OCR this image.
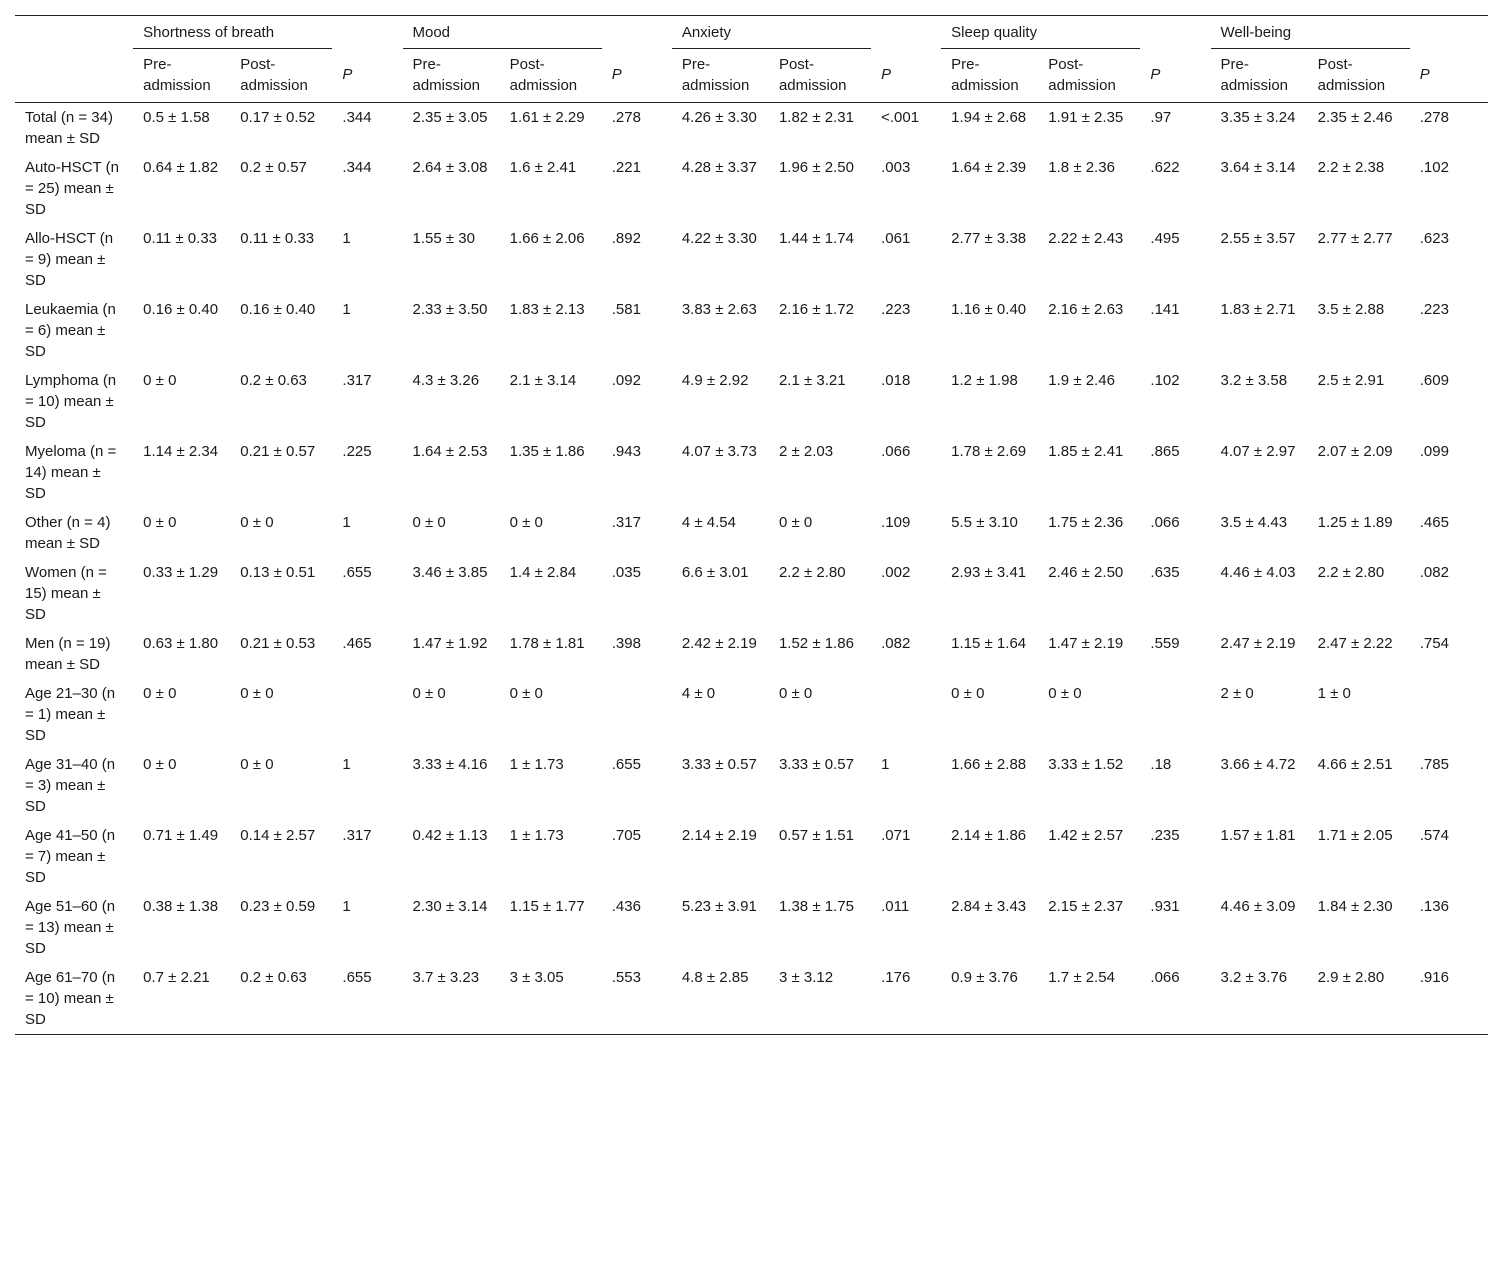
	Shortness of breath			Mood			Anxiety			Sleep quality			Well-being		
	Pre-admission	Post-admission	P	Pre-admission	Post-admission	P	Pre-admission	Post-admission	P	Pre-admission	Post-admission	P	Pre-admission	Post-admission	P
Total (n = 34) mean ± SD	0.5 ± 1.58	0.17 ± 0.52	.344	2.35 ± 3.05	1.61 ± 2.29	.278	4.26 ± 3.30	1.82 ± 2.31	<.001	1.94 ± 2.68	1.91 ± 2.35	.97	3.35 ± 3.24	2.35 ± 2.46	.278
Auto-HSCT (n = 25) mean ± SD	0.64 ± 1.82	0.2 ± 0.57	.344	2.64 ± 3.08	1.6 ± 2.41	.221	4.28 ± 3.37	1.96 ± 2.50	.003	1.64 ± 2.39	1.8 ± 2.36	.622	3.64 ± 3.14	2.2 ± 2.38	.102
Allo-HSCT (n = 9) mean ± SD	0.11 ± 0.33	0.11 ± 0.33	1	1.55 ± 30	1.66 ± 2.06	.892	4.22 ± 3.30	1.44 ± 1.74	.061	2.77 ± 3.38	2.22 ± 2.43	.495	2.55 ± 3.57	2.77 ± 2.77	.623
Leukaemia (n = 6) mean ± SD	0.16 ± 0.40	0.16 ± 0.40	1	2.33 ± 3.50	1.83 ± 2.13	.581	3.83 ± 2.63	2.16 ± 1.72	.223	1.16 ± 0.40	2.16 ± 2.63	.141	1.83 ± 2.71	3.5 ± 2.88	.223
Lymphoma (n = 10) mean ± SD	0 ± 0	0.2 ± 0.63	.317	4.3 ± 3.26	2.1 ± 3.14	.092	4.9 ± 2.92	2.1 ± 3.21	.018	1.2 ± 1.98	1.9 ± 2.46	.102	3.2 ± 3.58	2.5 ± 2.91	.609
Myeloma (n = 14) mean ± SD	1.14 ± 2.34	0.21 ± 0.57	.225	1.64 ± 2.53	1.35 ± 1.86	.943	4.07 ± 3.73	2 ± 2.03	.066	1.78 ± 2.69	1.85 ± 2.41	.865	4.07 ± 2.97	2.07 ± 2.09	.099
Other (n = 4) mean ± SD	0 ± 0	0 ± 0	1	0 ± 0	0 ± 0	.317	4 ± 4.54	0 ± 0	.109	5.5 ± 3.10	1.75 ± 2.36	.066	3.5 ± 4.43	1.25 ± 1.89	.465
Women (n = 15) mean ± SD	0.33 ± 1.29	0.13 ± 0.51	.655	3.46 ± 3.85	1.4 ± 2.84	.035	6.6 ± 3.01	2.2 ± 2.80	.002	2.93 ± 3.41	2.46 ± 2.50	.635	4.46 ± 4.03	2.2 ± 2.80	.082
Men (n = 19) mean ± SD	0.63 ± 1.80	0.21 ± 0.53	.465	1.47 ± 1.92	1.78 ± 1.81	.398	2.42 ± 2.19	1.52 ± 1.86	.082	1.15 ± 1.64	1.47 ± 2.19	.559	2.47 ± 2.19	2.47 ± 2.22	.754
Age 21–30 (n = 1) mean ± SD	0 ± 0	0 ± 0		0 ± 0	0 ± 0		4 ± 0	0 ± 0		0 ± 0	0 ± 0		2 ± 0	1 ± 0	
Age 31–40 (n = 3) mean ± SD	0 ± 0	0 ± 0	1	3.33 ± 4.16	1 ± 1.73	.655	3.33 ± 0.57	3.33 ± 0.57	1	1.66 ± 2.88	3.33 ± 1.52	.18	3.66 ± 4.72	4.66 ± 2.51	.785
Age 41–50 (n = 7) mean ± SD	0.71 ± 1.49	0.14 ± 2.57	.317	0.42 ± 1.13	1 ± 1.73	.705	2.14 ± 2.19	0.57 ± 1.51	.071	2.14 ± 1.86	1.42 ± 2.57	.235	1.57 ± 1.81	1.71 ± 2.05	.574
Age 51–60 (n = 13) mean ± SD	0.38 ± 1.38	0.23 ± 0.59	1	2.30 ± 3.14	1.15 ± 1.77	.436	5.23 ± 3.91	1.38 ± 1.75	.011	2.84 ± 3.43	2.15 ± 2.37	.931	4.46 ± 3.09	1.84 ± 2.30	.136
Age 61–70 (n = 10) mean ± SD	0.7 ± 2.21	0.2 ± 0.63	.655	3.7 ± 3.23	3 ± 3.05	.553	4.8 ± 2.85	3 ± 3.12	.176	0.9 ± 3.76	1.7 ± 2.54	.066	3.2 ± 3.76	2.9 ± 2.80	.916
